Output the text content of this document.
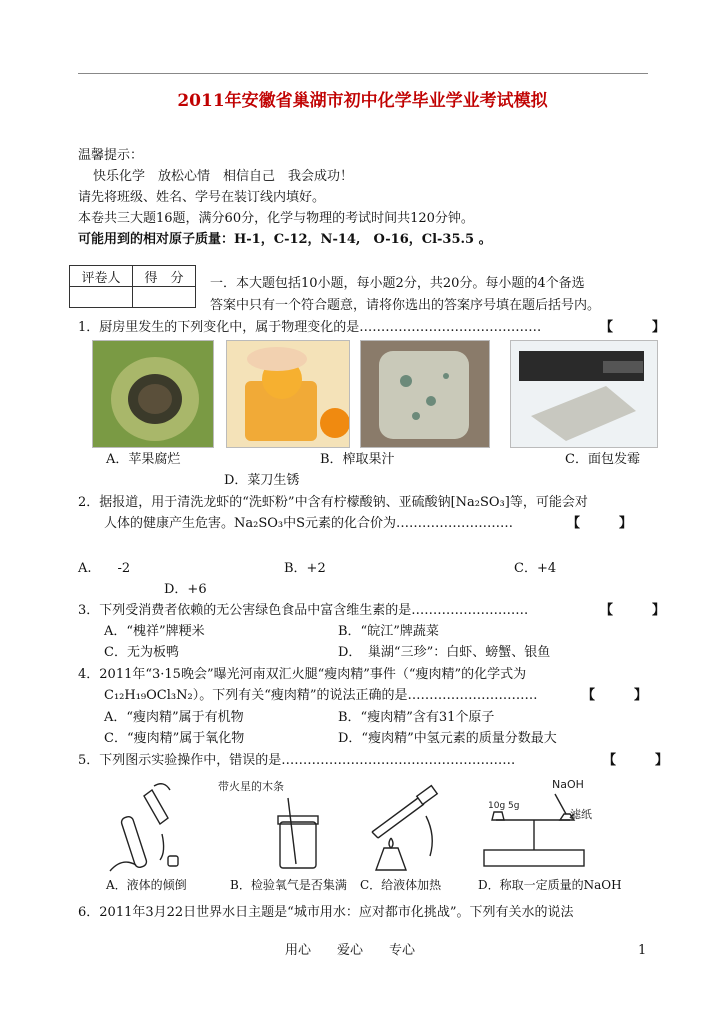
2011年安徽省巢湖市初中化学毕业学业考试模拟
温馨提示：
快乐化学　放松心情　相信自己　我会成功！
请先将班级、姓名、学号在装订线内填好。
本卷共三大题16题，满分60分，化学与物理的考试时间共120分钟。
可能用到的相对原子质量：H-1，C-12，N-14,　O-16，Cl-35.5 。
评卷人	得　分
	一．本大题包括10小题，每小题2分，共20分。每小题的4个备选
答案中只有一个符合题意，请将你选出的答案序号填在题后括号内。
1．厨房里发生的下列变化中，属于物理变化的是……………………………………	【　　　】
A．苹果腐烂	B．榨取果汁	C．面包发霉
D．菜刀生锈
2．据报道，用于清洗龙虾的“洗虾粉”中含有柠檬酸钠、亚硫酸钠[Na₂SO₃]等，可能会对
人体的健康产生危害。Na₂SO₃中S元素的化合价为………………………	【　　　】
A.　　-2	B．+2	C．+4
D．+6
3．下列受消费者依赖的无公害绿色食品中富含维生素的是………………………	【　　　】
A．“槐祥”牌粳米	B．“皖江”牌蔬菜
C．无为板鸭	D．　巢湖“三珍”：白虾、螃蟹、银鱼
4．2011年“3·15晚会”曝光河南双汇火腿“瘦肉精”事件（“瘦肉精”的化学式为
C₁₂H₁₉OCl₃N₂）。下列有关“瘦肉精”的说法正确的是…………………………	【　　　】
A．“瘦肉精”属于有机物	B．“瘦肉精”含有31个原子
C．“瘦肉精”属于氧化物	D．“瘦肉精”中氢元素的质量分数最大
5．下列图示实验操作中，错误的是………………………………………………	【　　　】
带火星的木条
10g 5g
NaOH
滤纸
A．液体的倾倒	B．检验氧气是否集满 C．给液体加热	D．称取一定质量的NaOH
6．2011年3月22日世界水日主题是“城市用水：应对都市化挑战”。下列有关水的说法
用心　　爱心　　专心	1
